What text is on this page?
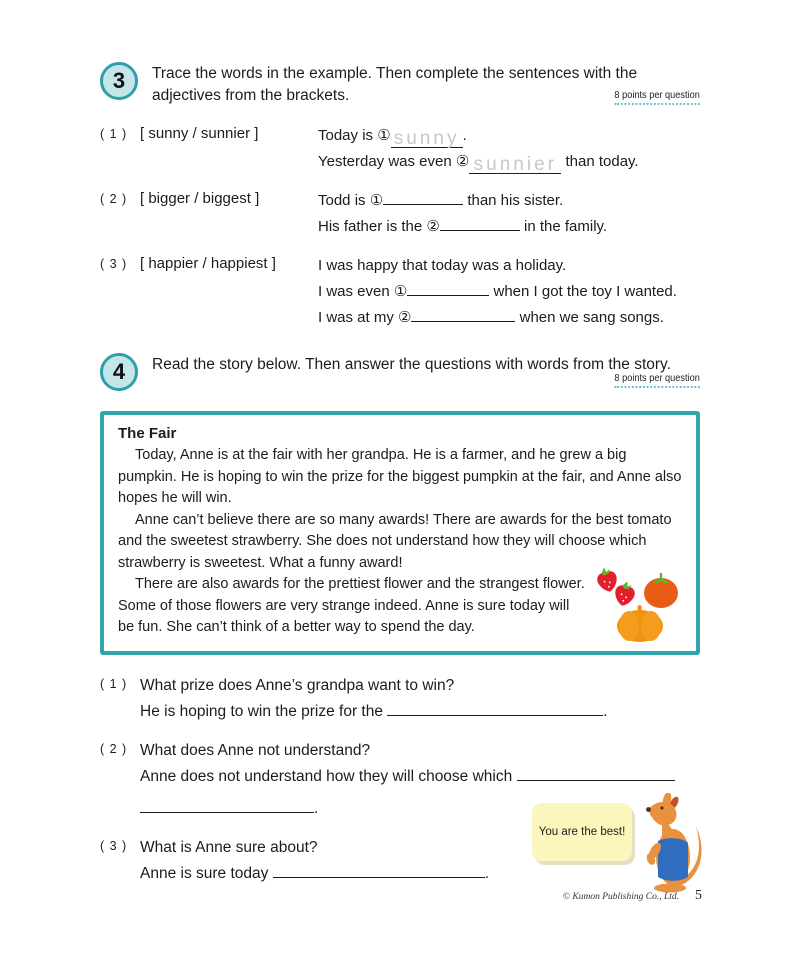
3	Trace the words in the example. Then complete the sentences with the adjectives from the brackets.	8 points per question
( 1 ) [ sunny / sunnier ]	Today is ① sunny .
Yesterday was even ② sunnier than today.
( 2 ) [ bigger / biggest ]	Todd is ①	than his sister.
His father is the ②	in the family.
( 3 ) [ happier / happiest ]	I was happy that today was a holiday.
I was even ①	when I got the toy I wanted.
I was at my ②	when we sang songs.
4	Read the story below. Then answer the questions with words from the story.
8 points per question
The Fair

Today, Anne is at the fair with her grandpa. He is a farmer, and he grew a big pumpkin. He is hoping to win the prize for the biggest pumpkin at the fair, and Anne also hopes he will win.

Anne can’t believe there are so many awards! There are awards for the best tomato and the sweetest strawberry. She does not understand how they will choose which strawberry is sweetest. What a funny award!

There are also awards for the prettiest flower and the strangest flower. Some of those flowers are very strange indeed. Anne is sure today will be fun. She can’t think of a better way to spend the day.

( 1 ) What prize does Anne’s grandpa want to win?
He is hoping to win the prize for the	.
( 2 ) What does Anne not understand?
Anne does not understand how they will choose which
.
( 3 ) What is Anne sure about?
Anne is sure today	.
You are the best!
© Kumon Publishing Co., Ltd. 5
